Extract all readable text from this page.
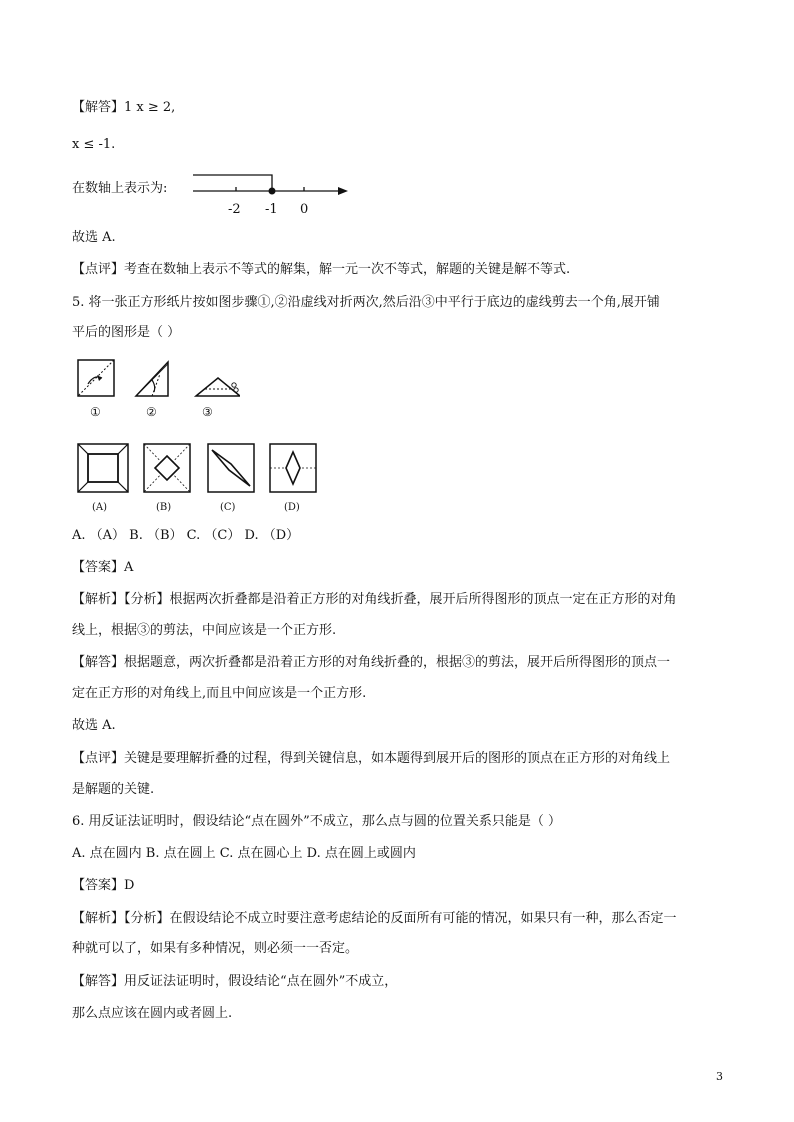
【解答】1 x ≥ 2,
x ≤ -1.
在数轴上表示为:
-2 -1 0
故选 A.
【点评】考查在数轴上表示不等式的解集，解一元一次不等式，解题的关键是解不等式.
5. 将一张正方形纸片按如图步骤①,②沿虚线对折两次,然后沿③中平行于底边的虚线剪去一个角,展开铺
平后的图形是（ ）
①	②	③
(A)	(B)	(C)	(D)
A. （A） B. （B） C. （C） D. （D）
【答案】A
【解析】【分析】根据两次折叠都是沿着正方形的对角线折叠，展开后所得图形的顶点一定在正方形的对角
线上，根据③的剪法，中间应该是一个正方形.
【解答】根据题意，两次折叠都是沿着正方形的对角线折叠的，根据③的剪法，展开后所得图形的顶点一
定在正方形的对角线上,而且中间应该是一个正方形.
故选 A.
【点评】关键是要理解折叠的过程，得到关键信息，如本题得到展开后的图形的顶点在正方形的对角线上
是解题的关键.
6. 用反证法证明时，假设结论“点在圆外”不成立，那么点与圆的位置关系只能是（ ）
A. 点在圆内 B. 点在圆上 C. 点在圆心上 D. 点在圆上或圆内
【答案】D
【解析】【分析】在假设结论不成立时要注意考虑结论的反面所有可能的情况，如果只有一种，那么否定一
种就可以了，如果有多种情况，则必须一一否定。
【解答】用反证法证明时，假设结论“点在圆外”不成立，
那么点应该在圆内或者圆上.
3
